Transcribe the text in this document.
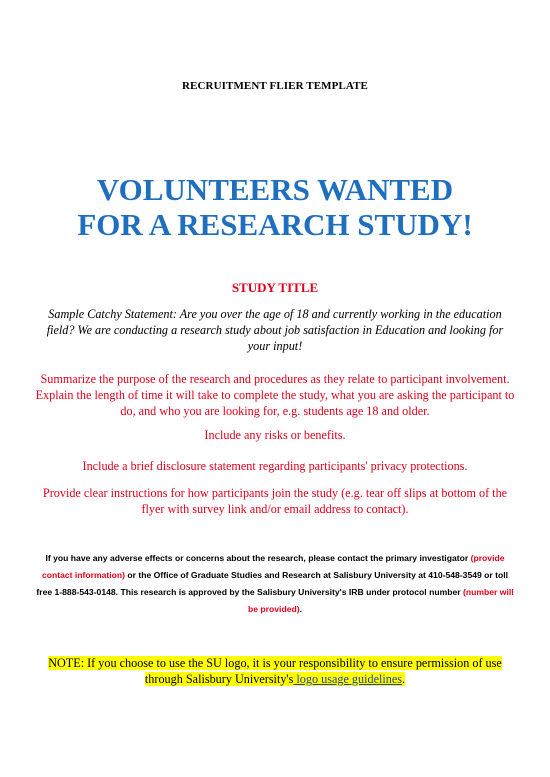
RECRUITMENT FLIER TEMPLATE
VOLUNTEERS WANTED
FOR A RESEARCH STUDY!
STUDY TITLE
Sample Catchy Statement: Are you over the age of 18 and currently working in the education field? We are conducting a research study about job satisfaction in Education and looking for your input!
Summarize the purpose of the research and procedures as they relate to participant involvement. Explain the length of time it will take to complete the study, what you are asking the participant to do, and who you are looking for, e.g. students age 18 and older.
Include any risks or benefits.
Include a brief disclosure statement regarding participants' privacy protections.
Provide clear instructions for how participants join the study (e.g. tear off slips at bottom of the flyer with survey link and/or email address to contact).
If you have any adverse effects or concerns about the research, please contact the primary investigator (provide contact information) or the Office of Graduate Studies and Research at Salisbury University at 410-548-3549 or toll free 1-888-543-0148. This research is approved by the Salisbury University's IRB under protocol number (number will be provided).
NOTE: If you choose to use the SU logo, it is your responsibility to ensure permission of use through Salisbury University's logo usage guidelines.
